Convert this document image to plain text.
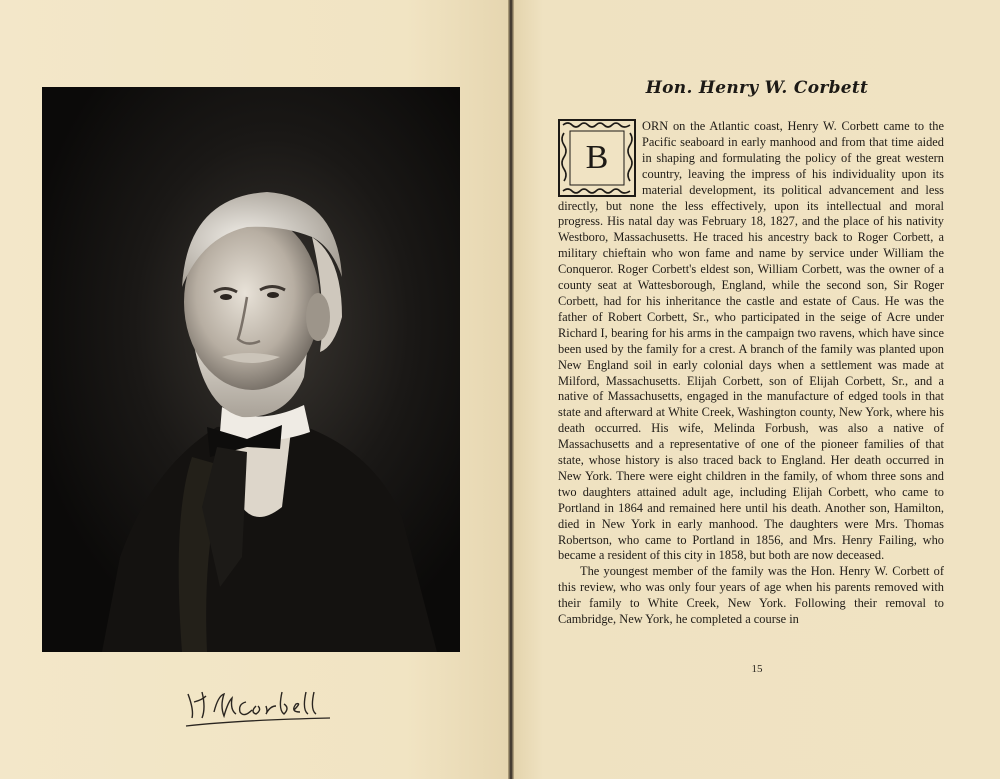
Hon. Henry W. Corbett
B

ORN on the Atlantic coast, Henry W. Corbett came to the Pacific seaboard in early manhood and from that time aided in shaping and formulating the policy of the great western country, leaving the impress of his individuality upon its material development, its political advancement and less directly, but none the less effectively, upon its intellectual and moral progress. His natal day was February 18, 1827, and the place of his nativity Westboro, Massachusetts. He traced his ancestry back to Roger Corbett, a military chieftain who won fame and name by service under William the Conqueror. Roger Corbett's eldest son, William Corbett, was the owner of a county seat at Wattesborough, England, while the second son, Sir Roger Corbett, had for his inheritance the castle and estate of Caus. He was the father of Robert Corbett, Sr., who participated in the seige of Acre under Richard I, bearing for his arms in the campaign two ravens, which have since been used by the family for a crest. A branch of the family was planted upon New England soil in early colonial days when a settlement was made at Milford, Massachusetts. Elijah Corbett, son of Elijah Corbett, Sr., and a native of Massachusetts, engaged in the manufacture of edged tools in that state and afterward at White Creek, Washington county, New York, where his death occurred. His wife, Melinda Forbush, was also a native of Massachusetts and a representative of one of the pioneer families of that state, whose history is also traced back to England. Her death occurred in New York. There were eight children in the family, of whom three sons and two daughters attained adult age, including Elijah Corbett, who came to Portland in 1864 and remained here until his death. Another son, Hamilton, died in New York in early manhood. The daughters were Mrs. Thomas Robertson, who came to Portland in 1856, and Mrs. Henry Failing, who became a resident of this city in 1858, but both are now deceased.

The youngest member of the family was the Hon. Henry W. Corbett of this review, who was only four years of age when his parents removed with their family to White Creek, New York. Following their removal to Cambridge, New York, he completed a course in

15
